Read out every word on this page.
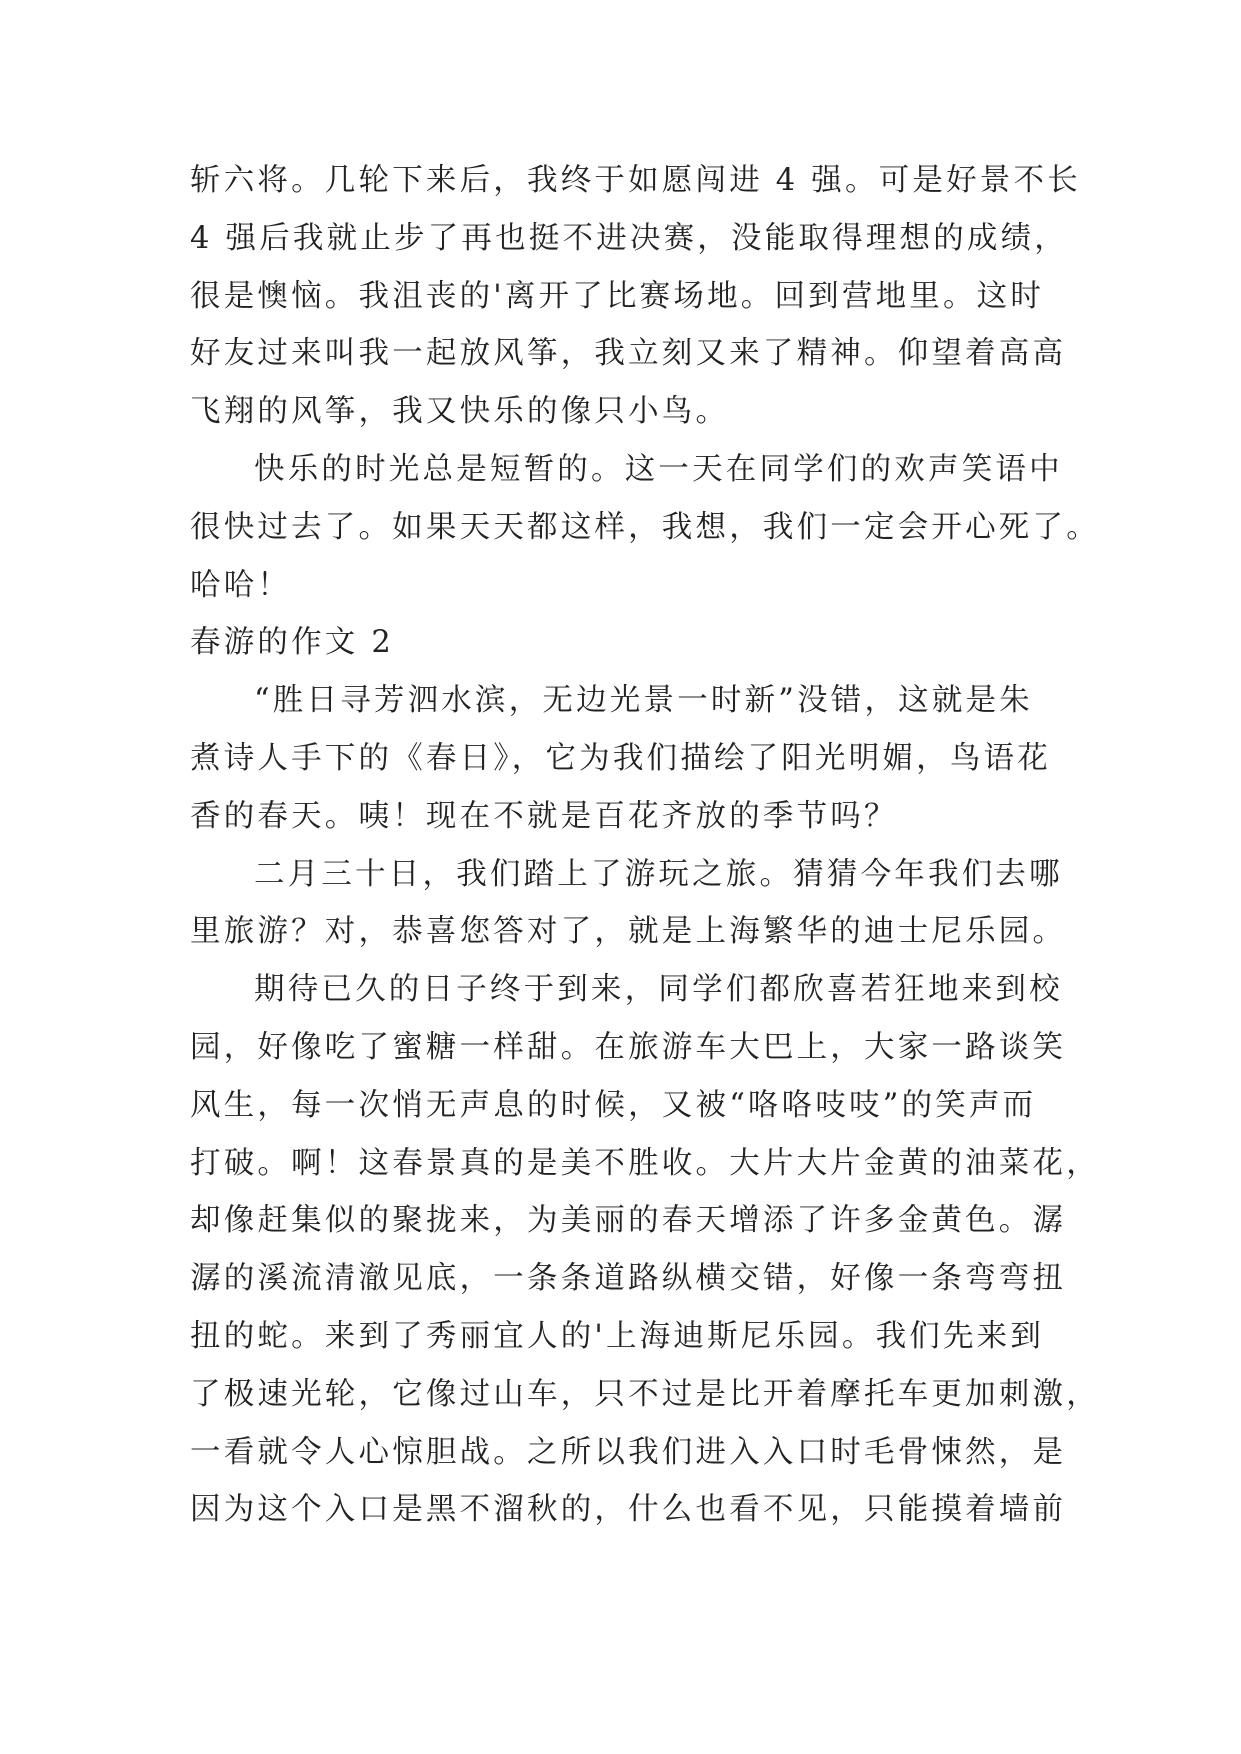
斩六将。几轮下来后，我终于如愿闯进 4 强。可是好景不长
4 强后我就止步了再也挺不进决赛，没能取得理想的成绩，
很是懊恼。我沮丧的'离开了比赛场地。回到营地里。这时
好友过来叫我一起放风筝，我立刻又来了精神。仰望着高高
飞翔的风筝，我又快乐的像只小鸟。
快乐的时光总是短暂的。这一天在同学们的欢声笑语中
很快过去了。如果天天都这样，我想，我们一定会开心死了。
哈哈！
春游的作文 2
“胜日寻芳泗水滨，无边光景一时新”没错，这就是朱
煮诗人手下的《春日》，它为我们描绘了阳光明媚，鸟语花
香的春天。咦！现在不就是百花齐放的季节吗？
二月三十日，我们踏上了游玩之旅。猜猜今年我们去哪
里旅游？对，恭喜您答对了，就是上海繁华的迪士尼乐园。
期待已久的日子终于到来，同学们都欣喜若狂地来到校
园，好像吃了蜜糖一样甜。在旅游车大巴上，大家一路谈笑
风生，每一次悄无声息的时候，又被“咯咯吱吱”的笑声而
打破。啊！这春景真的是美不胜收。大片大片金黄的油菜花，
却像赶集似的聚拢来，为美丽的春天增添了许多金黄色。潺
潺的溪流清澈见底，一条条道路纵横交错，好像一条弯弯扭
扭的蛇。来到了秀丽宜人的'上海迪斯尼乐园。我们先来到
了极速光轮，它像过山车，只不过是比开着摩托车更加刺激，
一看就令人心惊胆战。之所以我们进入入口时毛骨悚然，是
因为这个入口是黑不溜秋的，什么也看不见，只能摸着墙前
